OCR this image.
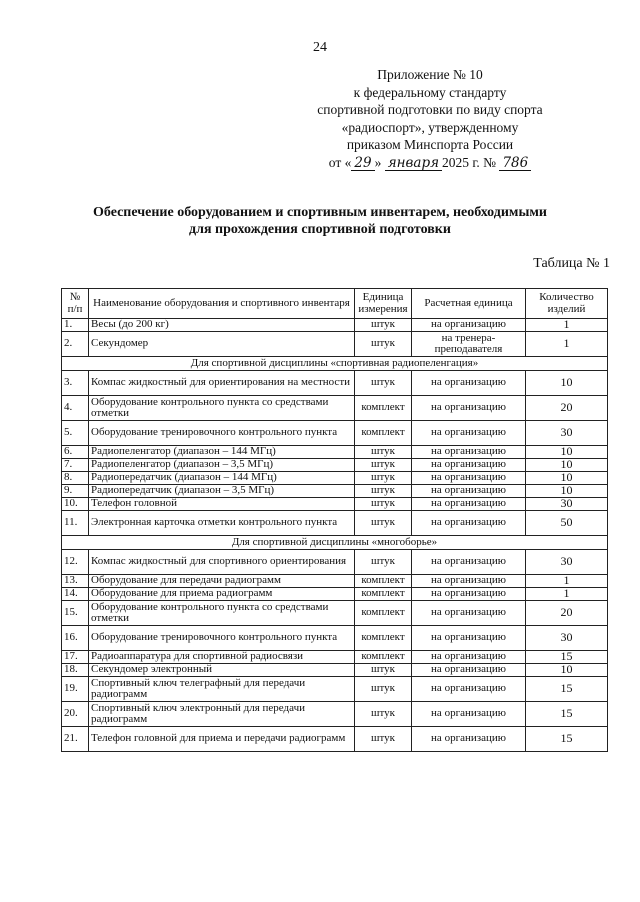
24
Приложение № 10
к федеральному стандарту
спортивной подготовки по виду спорта
«радиоспорт», утвержденному
приказом Минспорта России
от « 29 » января 2025 г. № 786
Обеспечение оборудованием и спортивным инвентарем, необходимыми
для прохождения спортивной подготовки
Таблица № 1
№ п/п	Наименование оборудования и спортивного инвентаря	Единица измерения	Расчетная единица	Количество изделий
1.	Весы (до 200 кг)	штук	на организацию	1
2.	Секундомер	штук	на тренера-преподавателя	1
Для спортивной дисциплины «спортивная радиопеленгация»				
3.	Компас жидкостный для ориентирования на местности	штук	на организацию	10
4.	Оборудование контрольного пункта со средствами отметки	комплект	на организацию	20
5.	Оборудование тренировочного контрольного пункта	комплект	на организацию	30
6.	Радиопеленгатор (диапазон – 144 МГц)	штук	на организацию	10
7.	Радиопеленгатор (диапазон – 3,5 МГц)	штук	на организацию	10
8.	Радиопередатчик (диапазон – 144 МГц)	штук	на организацию	10
9.	Радиопередатчик (диапазон – 3,5 МГц)	штук	на организацию	10
10.	Телефон головной	штук	на организацию	30
11.	Электронная карточка отметки контрольного пункта	штук	на организацию	50
Для спортивной дисциплины «многоборье»				
12.	Компас жидкостный для спортивного ориентирования	штук	на организацию	30
13.	Оборудование для передачи радиограмм	комплект	на организацию	1
14.	Оборудование для приема радиограмм	комплект	на организацию	1
15.	Оборудование контрольного пункта со средствами отметки	комплект	на организацию	20
16.	Оборудование тренировочного контрольного пункта	комплект	на организацию	30
17.	Радиоаппаратура для спортивной радиосвязи	комплект	на организацию	15
18.	Секундомер электронный	штук	на организацию	10
19.	Спортивный ключ телеграфный для передачи радиограмм	штук	на организацию	15
20.	Спортивный ключ электронный для передачи радиограмм	штук	на организацию	15
21.	Телефон головной для приема и передачи радиограмм	штук	на организацию	15
